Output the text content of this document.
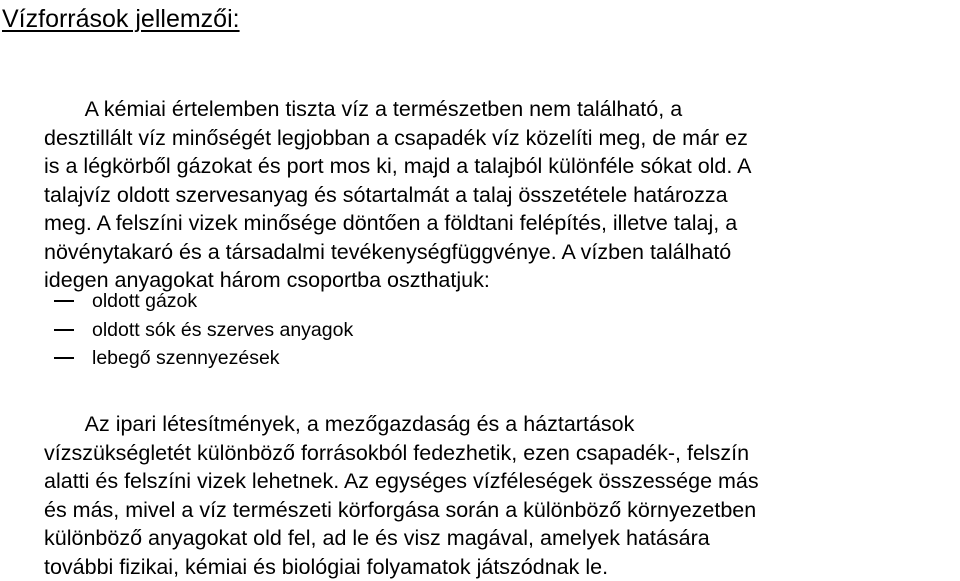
Vízforrások jellemzői:

A kémiai értelemben tiszta víz a természetben nem található, a
desztillált víz minőségét legjobban a csapadék víz közelíti meg, de már ez
is a légkörből gázokat és port mos ki, majd a talajból különféle sókat old. A
talajvíz oldott szervesanyag és sótartalmát a talaj összetétele határozza
meg. A felszíni vizek minősége döntően a földtani felépítés, illetve talaj, a
növénytakaró és a társadalmi tevékenységfüggvénye. A vízben található
idegen anyagokat három csoportba oszthatjuk:

oldott gázok
oldott sók és szerves anyagok
lebegő szennyezések

Az ipari létesítmények, a mezőgazdaság és a háztartások
vízszükségletét különböző forrásokból fedezhetik, ezen csapadék-, felszín
alatti és felszíni vizek lehetnek. Az egységes vízféleségek összessége más
és más, mivel a víz természeti körforgása során a különböző környezetben
különböző anyagokat old fel, ad le és visz magával, amelyek hatására
további fizikai, kémiai és biológiai folyamatok játszódnak le.
